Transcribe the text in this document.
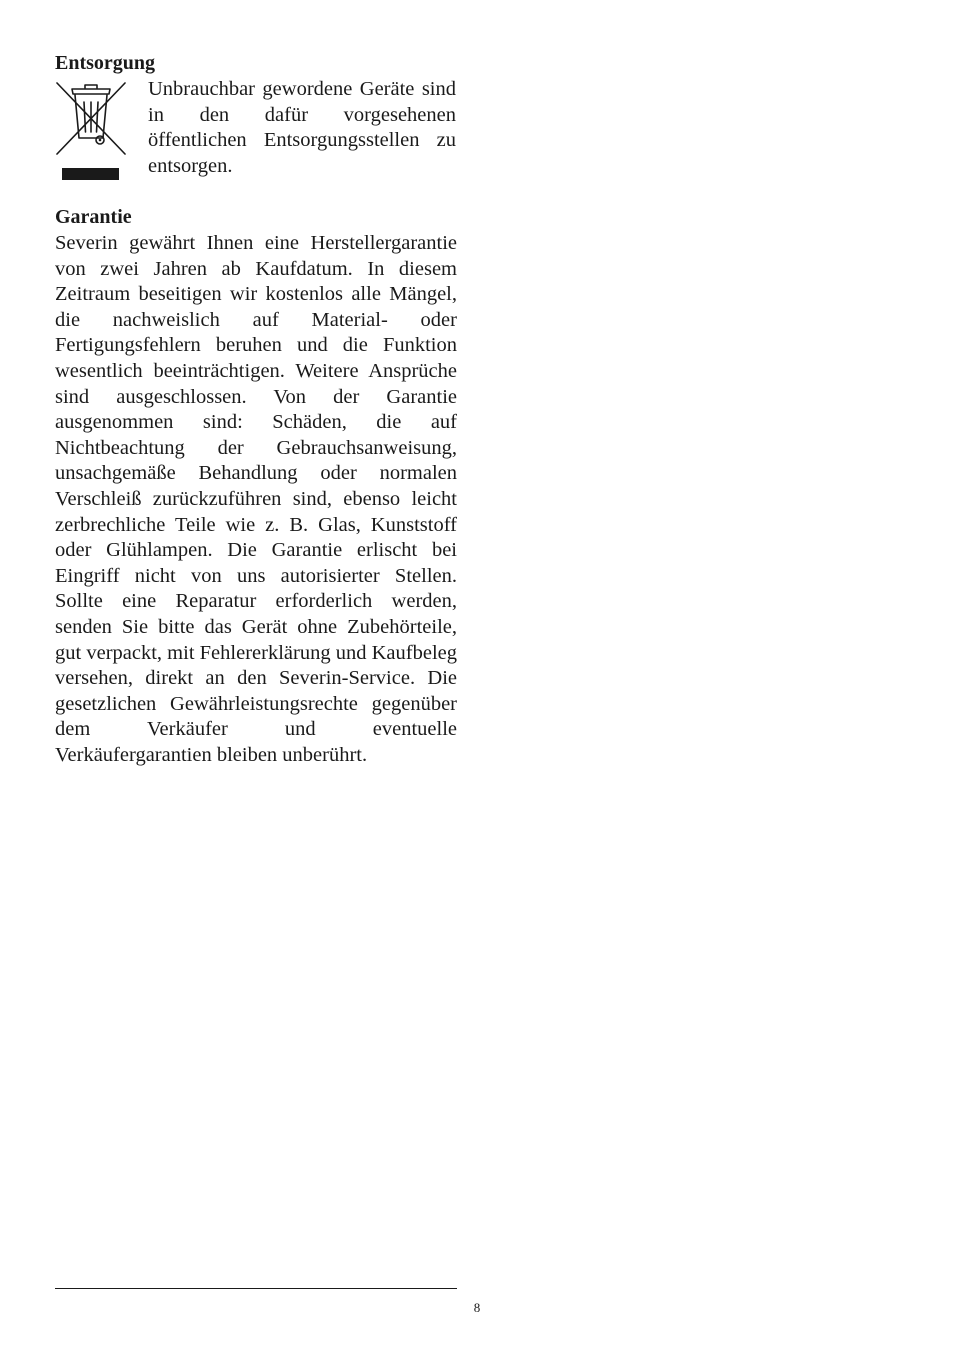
Entsorgung

Unbrauchbar gewordene Geräte sind in den dafür vorgesehenen öffentlichen Entsorgungsstellen zu entsorgen.

Garantie

Severin gewährt Ihnen eine Herstellergarantie von zwei Jahren ab Kaufdatum. In diesem Zeitraum beseitigen wir kostenlos alle Mängel, die nachweislich auf Material- oder Fertigungsfehlern beruhen und die Funktion wesentlich beeinträchtigen. Weitere Ansprüche sind ausgeschlossen. Von der Garantie ausgenommen sind: Schäden, die auf Nichtbeachtung der Gebrauchsanweisung, unsachgemäße Behandlung oder normalen Verschleiß zurückzuführen sind, ebenso leicht zerbrechliche Teile wie z. B. Glas, Kunststoff oder Glühlampen. Die Garantie erlischt bei Eingriff nicht von uns autorisierter Stellen. Sollte eine Reparatur erforderlich werden, senden Sie bitte das Gerät ohne Zubehörteile, gut verpackt, mit Fehlererklärung und Kaufbeleg versehen, direkt an den Severin-Service. Die gesetzlichen Gewährleistungsrechte gegenüber dem Verkäufer und eventuelle Verkäufergarantien bleiben unberührt.

8
